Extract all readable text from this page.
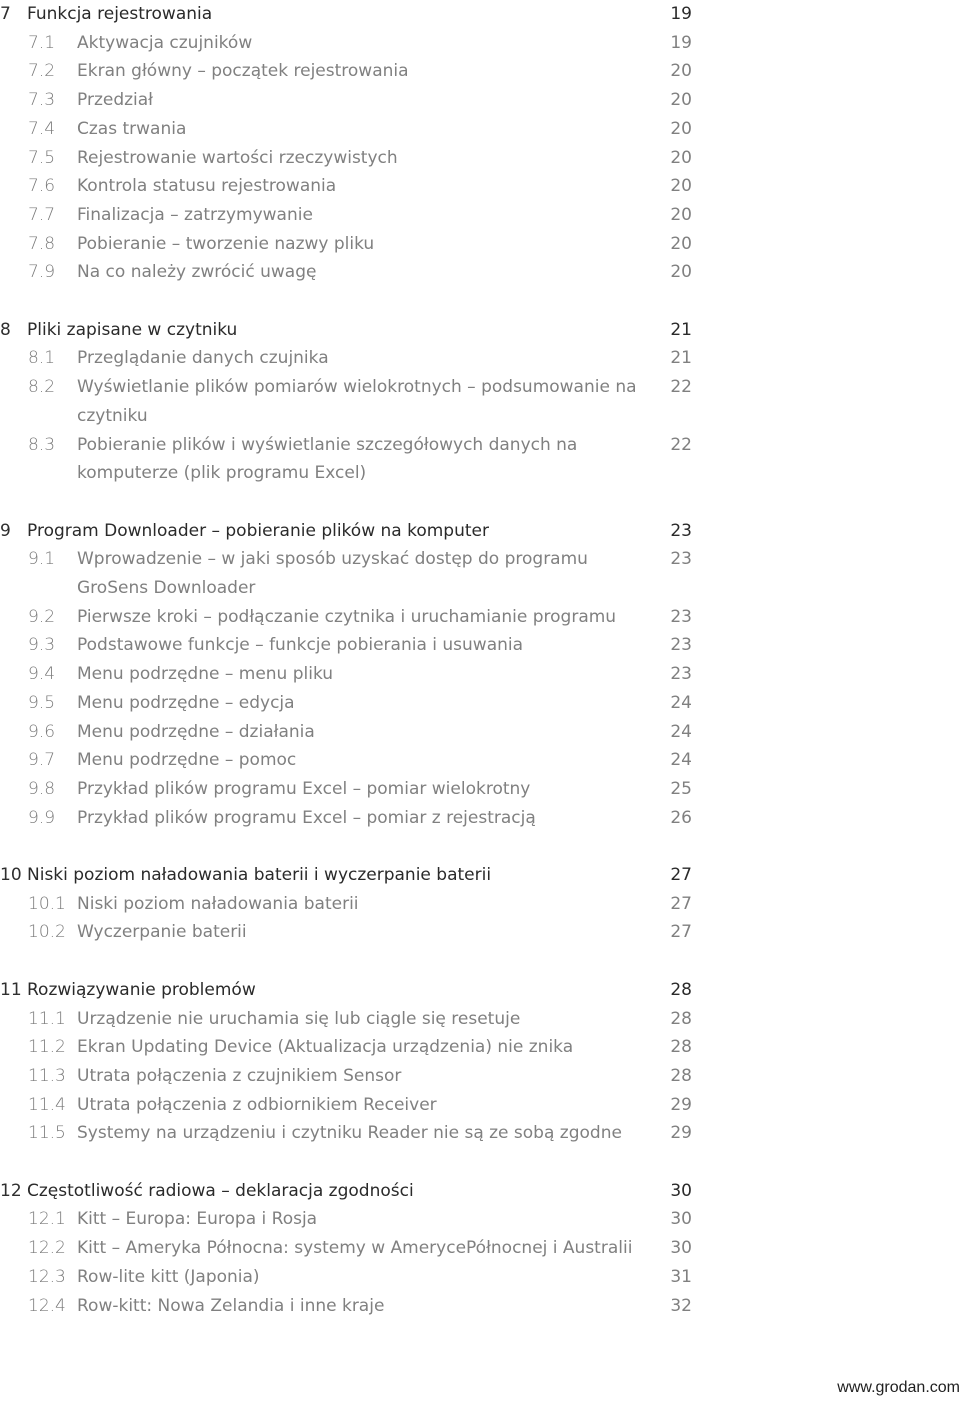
7 Funkcja rejestrowania	19
7.1	Aktywacja czujników	19
7.2	Ekran główny – początek rejestrowania	20
7.3	Przedział	20
7.4	Czas trwania	20
7.5	Rejestrowanie wartości rzeczywistych	20
7.6	Kontrola statusu rejestrowania	20
7.7	Finalizacja – zatrzymywanie	20
7.8	Pobieranie – tworzenie nazwy pliku	20
7.9	Na co należy zwrócić uwagę	20
8 Pliki zapisane w czytniku	21
8.1	Przeglądanie danych czujnika	21
8.2	Wyświetlanie plików pomiarów wielokrotnych – podsumowanie na czytniku
22
8.3	Pobieranie plików i wyświetlanie szczegółowych danych na komputerze (plik programu Excel)
22
9 Program Downloader – pobieranie plików na komputer	23
9.1	Wprowadzenie – w jaki sposób uzyskać dostęp do programu GroSens Downloader
23
9.2	Pierwsze kroki – podłączanie czytnika i uruchamianie programu	23
9.3	Podstawowe funkcje – funkcje pobierania i usuwania	23
9.4	Menu podrzędne – menu pliku	23
9.5	Menu podrzędne – edycja	24
9.6	Menu podrzędne – działania	24
9.7	Menu podrzędne – pomoc	24
9.8	Przykład plików programu Excel – pomiar wielokrotny	25
9.9	Przykład plików programu Excel – pomiar z rejestracją	26
10 Niski poziom naładowania baterii i wyczerpanie baterii	27
10.1 Niski poziom naładowania baterii	27
10.2 Wyczerpanie baterii	27
11 Rozwiązywanie problemów	28
11.1 Urządzenie nie uruchamia się lub ciągle się resetuje	28
11.2 Ekran Updating Device (Aktualizacja urządzenia) nie znika	28
11.3 Utrata połączenia z czujnikiem Sensor	28
11.4 Utrata połączenia z odbiornikiem Receiver	29
11.5 Systemy na urządzeniu i czytniku Reader nie są ze sobą zgodne	29
12 Częstotliwość radiowa – deklaracja zgodności	30
12.1 Kitt – Europa: Europa i Rosja	30
12.2 Kitt – Ameryka Północna: systemy w AmerycePółnocnej i Australii	30
12.3 Row-lite kitt (Japonia)	31
12.4 Row-kitt: Nowa Zelandia i inne kraje	32
www.grodan.com
